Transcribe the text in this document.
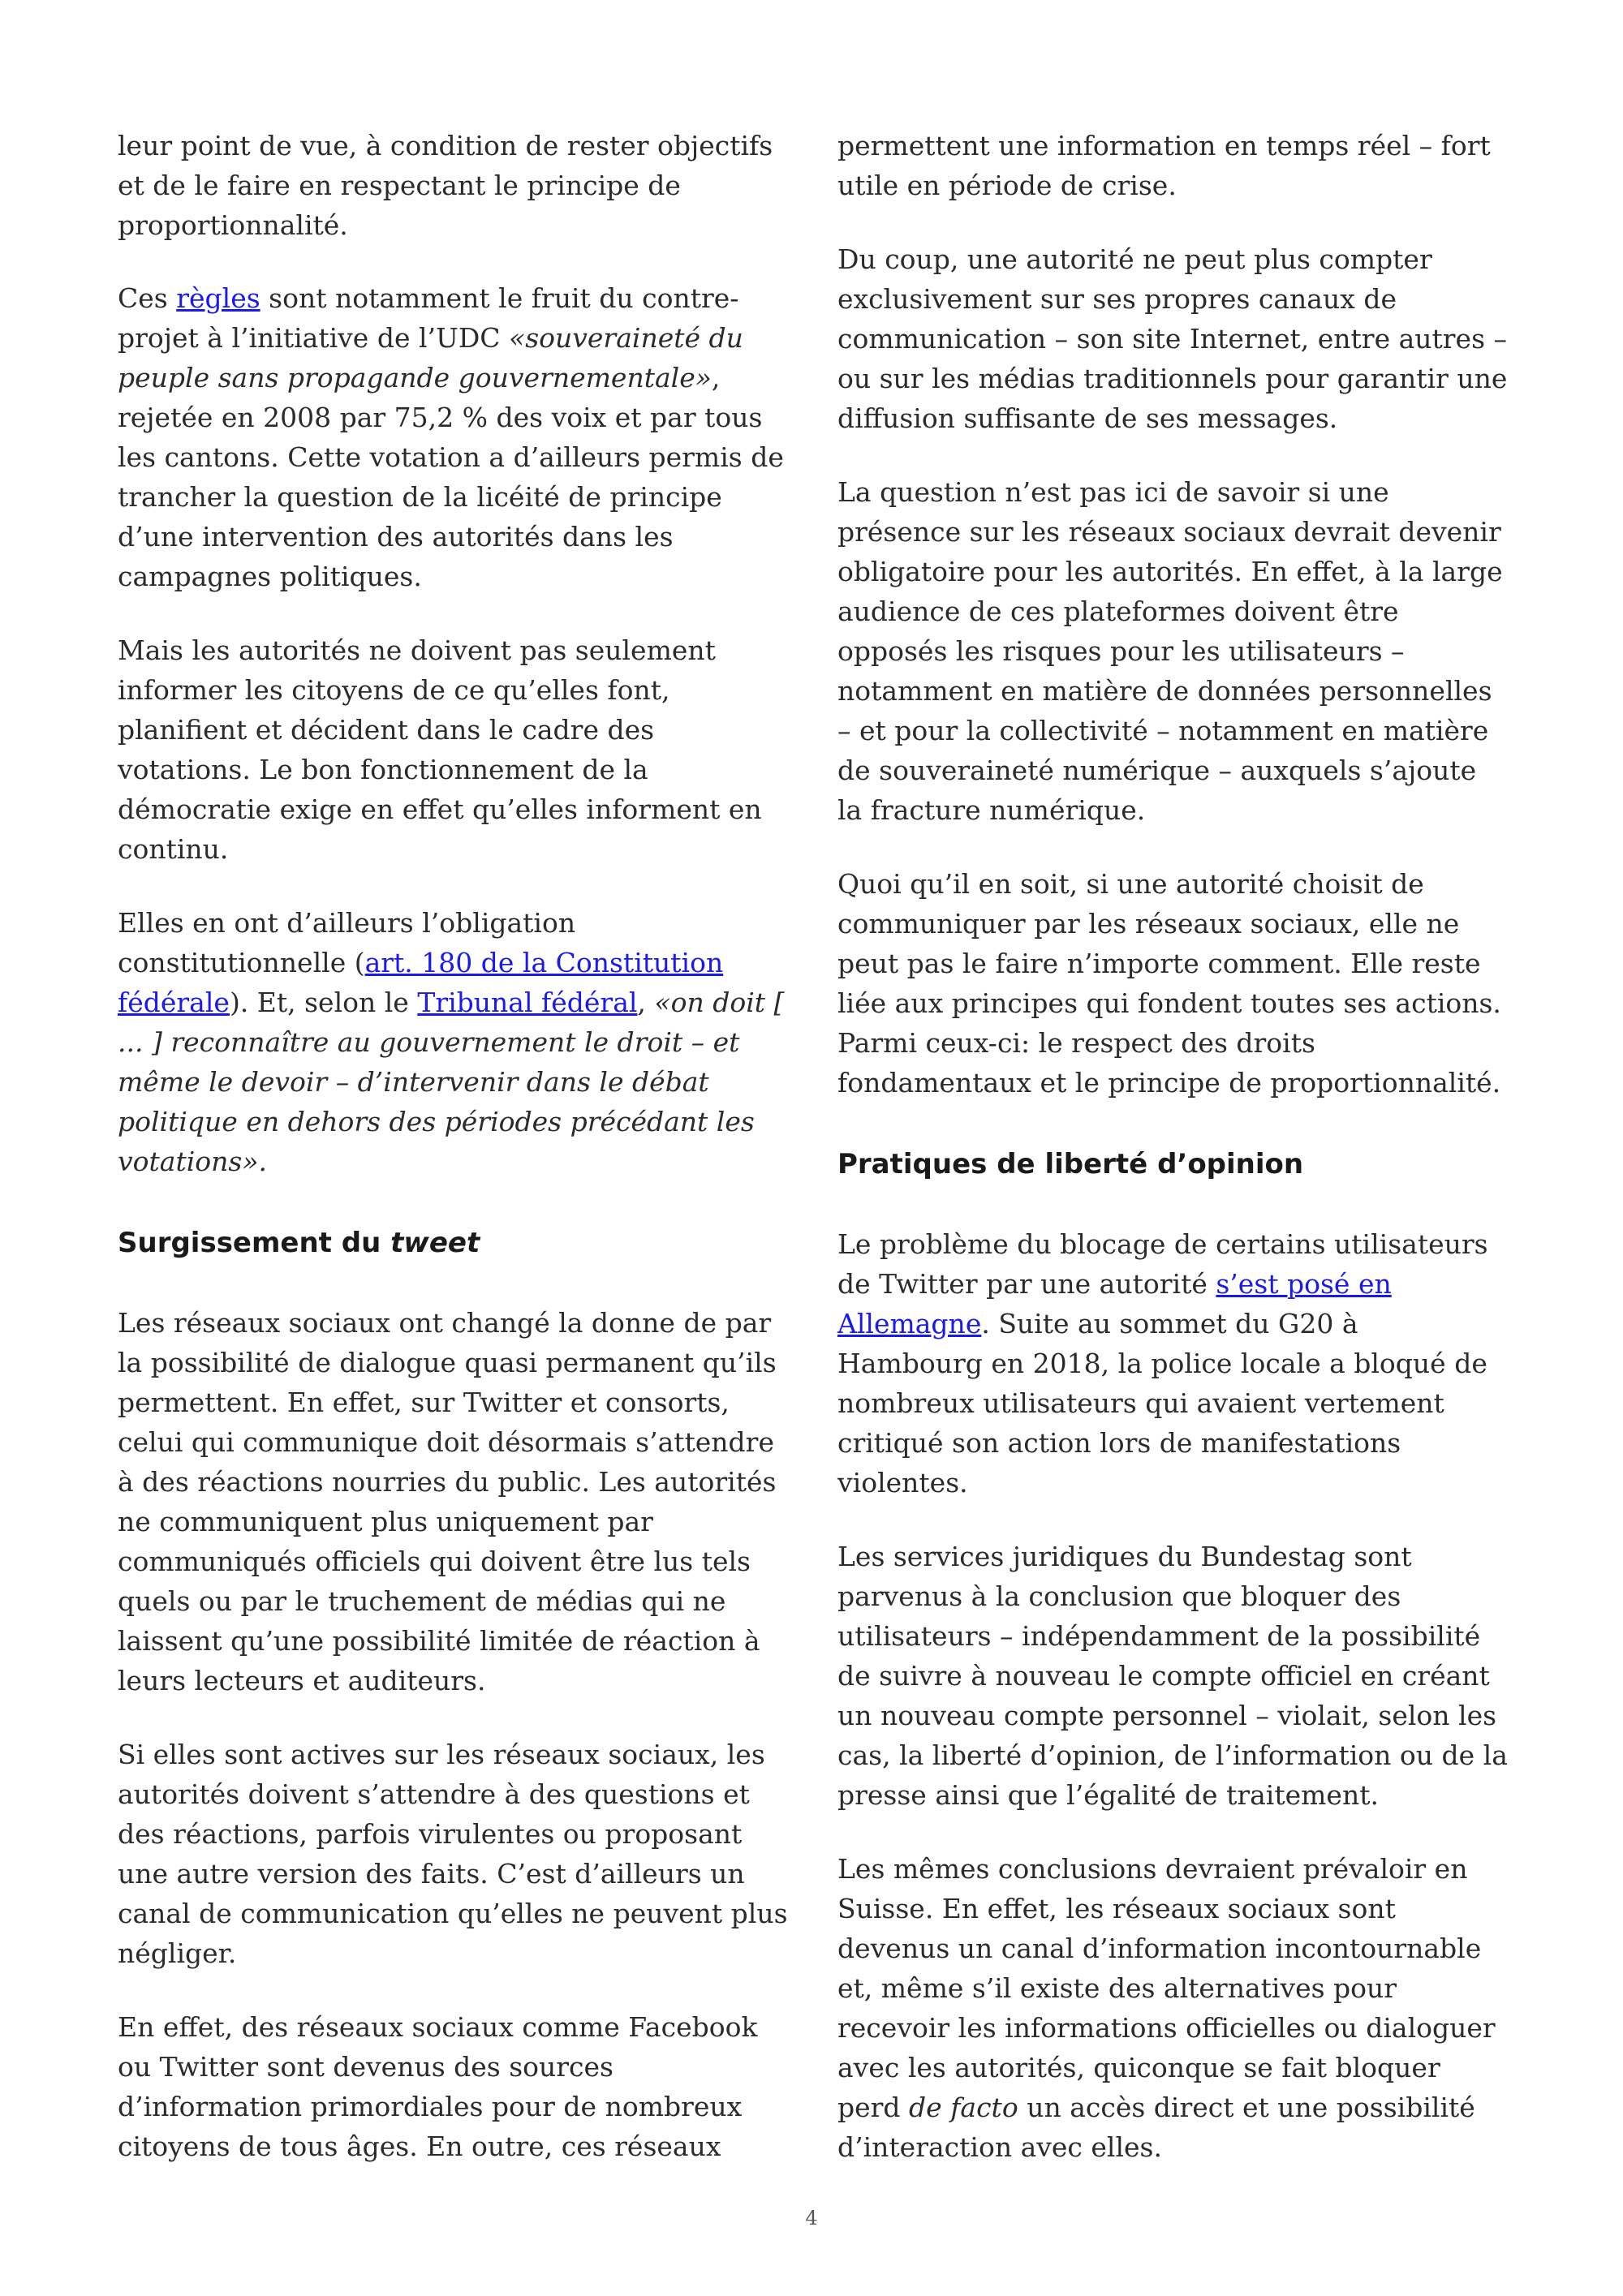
leur point de vue, à condition de rester objectifs
et de le faire en respectant le principe de
proportionnalité.
Ces règles sont notamment le fruit du contre-
projet à l’initiative de l’UDC «souveraineté du
peuple sans propagande gouvernementale»,
rejetée en 2008 par 75,2 % des voix et par tous
les cantons. Cette votation a d’ailleurs permis de
trancher la question de la licéité de principe
d’une intervention des autorités dans les
campagnes politiques.
Mais les autorités ne doivent pas seulement
informer les citoyens de ce qu’elles font,
planifient et décident dans le cadre des
votations. Le bon fonctionnement de la
démocratie exige en effet qu’elles informent en
continu.
Elles en ont d’ailleurs l’obligation
constitutionnelle (art. 180 de la Constitution
fédérale). Et, selon le Tribunal fédéral, «on doit [
... ] reconnaître au gouvernement le droit – et
même le devoir – d’intervenir dans le débat
politique en dehors des périodes précédant les
votations».
Surgissement du tweet
Les réseaux sociaux ont changé la donne de par
la possibilité de dialogue quasi permanent qu’ils
permettent. En effet, sur Twitter et consorts,
celui qui communique doit désormais s’attendre
à des réactions nourries du public. Les autorités
ne communiquent plus uniquement par
communiqués officiels qui doivent être lus tels
quels ou par le truchement de médias qui ne
laissent qu’une possibilité limitée de réaction à
leurs lecteurs et auditeurs.
Si elles sont actives sur les réseaux sociaux, les
autorités doivent s’attendre à des questions et
des réactions, parfois virulentes ou proposant
une autre version des faits. C’est d’ailleurs un
canal de communication qu’elles ne peuvent plus
négliger.
En effet, des réseaux sociaux comme Facebook
ou Twitter sont devenus des sources
d’information primordiales pour de nombreux
citoyens de tous âges. En outre, ces réseaux
permettent une information en temps réel – fort
utile en période de crise.
Du coup, une autorité ne peut plus compter
exclusivement sur ses propres canaux de
communication – son site Internet, entre autres –
ou sur les médias traditionnels pour garantir une
diffusion suffisante de ses messages.
La question n’est pas ici de savoir si une
présence sur les réseaux sociaux devrait devenir
obligatoire pour les autorités. En effet, à la large
audience de ces plateformes doivent être
opposés les risques pour les utilisateurs –
notamment en matière de données personnelles
– et pour la collectivité – notamment en matière
de souveraineté numérique – auxquels s’ajoute
la fracture numérique.
Quoi qu’il en soit, si une autorité choisit de
communiquer par les réseaux sociaux, elle ne
peut pas le faire n’importe comment. Elle reste
liée aux principes qui fondent toutes ses actions.
Parmi ceux-ci: le respect des droits
fondamentaux et le principe de proportionnalité.
Pratiques de liberté d’opinion
Le problème du blocage de certains utilisateurs
de Twitter par une autorité s’est posé en
Allemagne. Suite au sommet du G20 à
Hambourg en 2018, la police locale a bloqué de
nombreux utilisateurs qui avaient vertement
critiqué son action lors de manifestations
violentes.
Les services juridiques du Bundestag sont
parvenus à la conclusion que bloquer des
utilisateurs – indépendamment de la possibilité
de suivre à nouveau le compte officiel en créant
un nouveau compte personnel – violait, selon les
cas, la liberté d’opinion, de l’information ou de la
presse ainsi que l’égalité de traitement.
Les mêmes conclusions devraient prévaloir en
Suisse. En effet, les réseaux sociaux sont
devenus un canal d’information incontournable
et, même s’il existe des alternatives pour
recevoir les informations officielles ou dialoguer
avec les autorités, quiconque se fait bloquer
perd de facto un accès direct et une possibilité
d’interaction avec elles.
4
